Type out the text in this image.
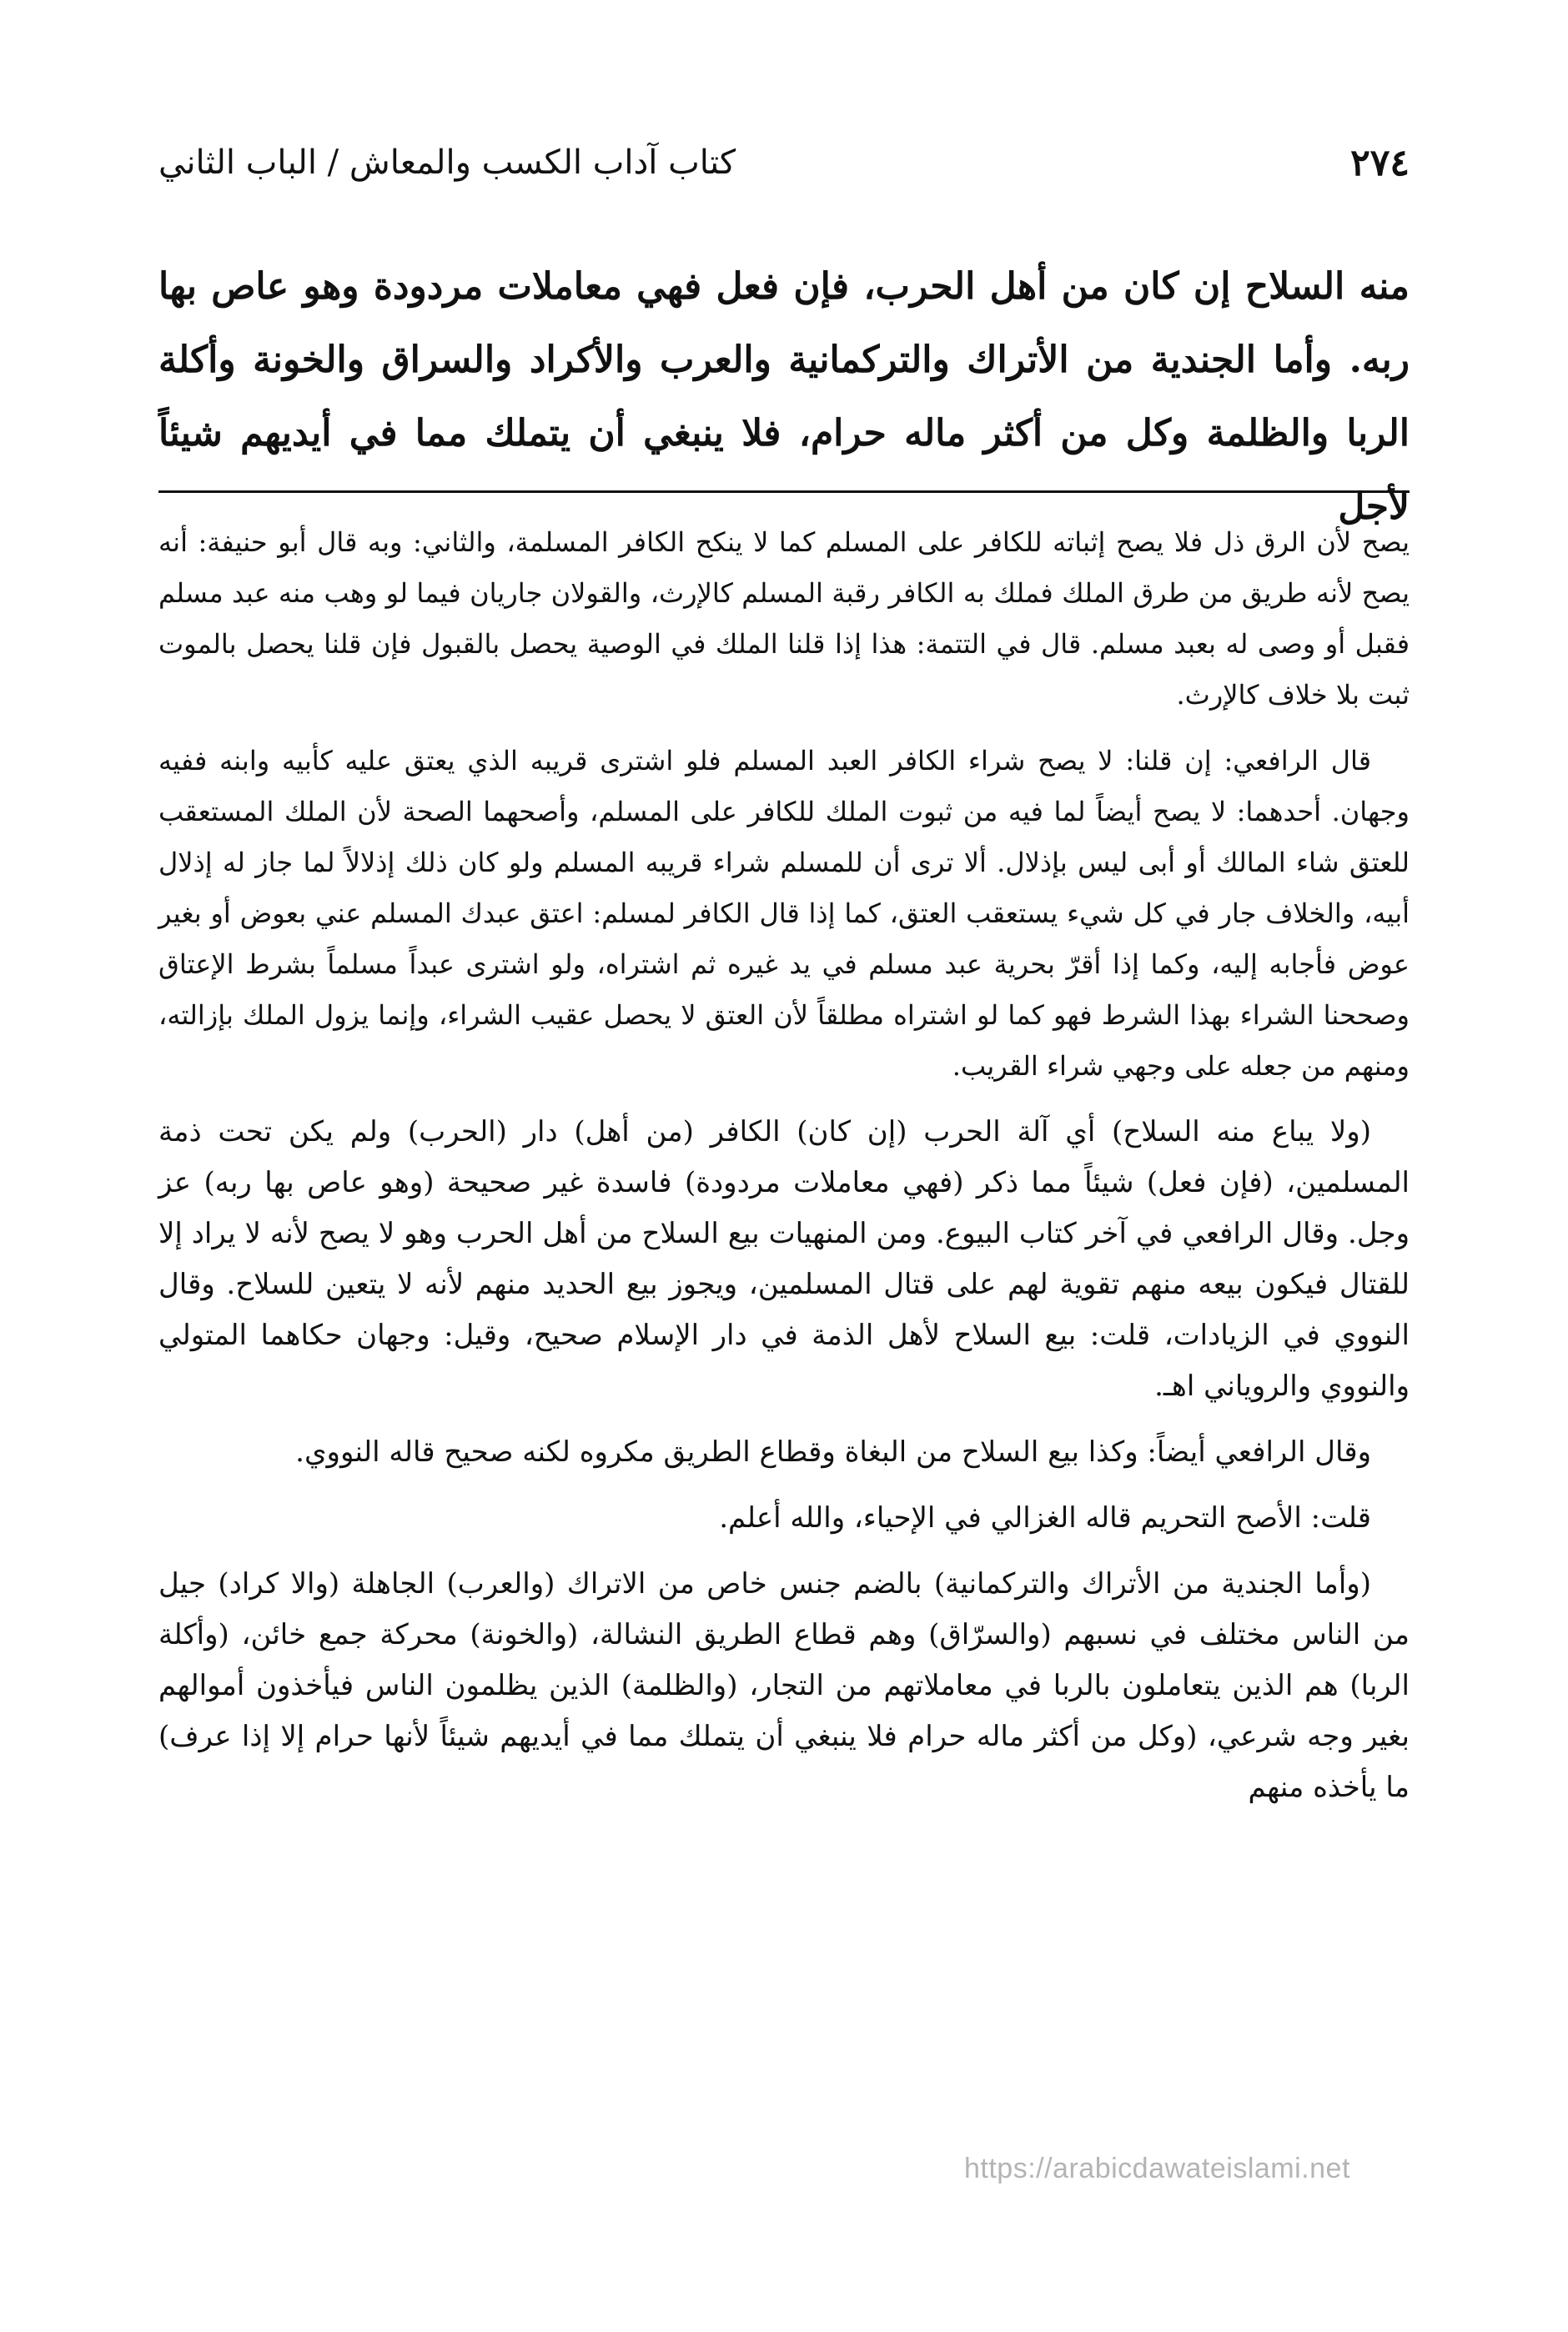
٢٧٤
كتاب آداب الكسب والمعاش / الباب الثاني

منه السلاح إن كان من أهل الحرب، فإن فعل فهي معاملات مردودة وهو عاص بها ربه. وأما الجندية من الأتراك والتركمانية والعرب والأكراد والسراق والخونة وأكلة الربا والظلمة وكل من أكثر ماله حرام، فلا ينبغي أن يتملك مما في أيديهم شيئاً لأجل

يصح لأن الرق ذل فلا يصح إثباته للكافر على المسلم كما لا ينكح الكافر المسلمة، والثاني: وبه قال أبو حنيفة: أنه يصح لأنه طريق من طرق الملك فملك به الكافر رقبة المسلم كالإرث، والقولان جاريان فيما لو وهب منه عبد مسلم فقبل أو وصى له بعبد مسلم. قال في التتمة: هذا إذا قلنا الملك في الوصية يحصل بالقبول فإن قلنا يحصل بالموت ثبت بلا خلاف كالإرث.

قال الرافعي: إن قلنا: لا يصح شراء الكافر العبد المسلم فلو اشترى قريبه الذي يعتق عليه كأبيه وابنه ففيه وجهان. أحدهما: لا يصح أيضاً لما فيه من ثبوت الملك للكافر على المسلم، وأصحهما الصحة لأن الملك المستعقب للعتق شاء المالك أو أبى ليس بإذلال. ألا ترى أن للمسلم شراء قريبه المسلم ولو كان ذلك إذلالاً لما جاز له إذلال أبيه، والخلاف جار في كل شيء يستعقب العتق، كما إذا قال الكافر لمسلم: اعتق عبدك المسلم عني بعوض أو بغير عوض فأجابه إليه، وكما إذا أقرّ بحرية عبد مسلم في يد غيره ثم اشتراه، ولو اشترى عبداً مسلماً بشرط الإعتاق وصححنا الشراء بهذا الشرط فهو كما لو اشتراه مطلقاً لأن العتق لا يحصل عقيب الشراء، وإنما يزول الملك بإزالته، ومنهم من جعله على وجهي شراء القريب.

(ولا يباع منه السلاح) أي آلة الحرب (إن كان) الكافر (من أهل) دار (الحرب) ولم يكن تحت ذمة المسلمين، (فإن فعل) شيئاً مما ذكر (فهي معاملات مردودة) فاسدة غير صحيحة (وهو عاص بها ربه) عز وجل. وقال الرافعي في آخر كتاب البيوع. ومن المنهيات بيع السلاح من أهل الحرب وهو لا يصح لأنه لا يراد إلا للقتال فيكون بيعه منهم تقوية لهم على قتال المسلمين، ويجوز بيع الحديد منهم لأنه لا يتعين للسلاح. وقال النووي في الزيادات، قلت: بيع السلاح لأهل الذمة في دار الإسلام صحيح، وقيل: وجهان حكاهما المتولي والنووي والروياني اهـ.

وقال الرافعي أيضاً: وكذا بيع السلاح من البغاة وقطاع الطريق مكروه لكنه صحيح قاله النووي.

قلت: الأصح التحريم قاله الغزالي في الإحياء، والله أعلم.

(وأما الجندية من الأتراك والتركمانية) بالضم جنس خاص من الاتراك (والعرب) الجاهلة (والا كراد) جيل من الناس مختلف في نسبهم (والسرّاق) وهم قطاع الطريق النشالة، (والخونة) محركة جمع خائن، (وأكلة الربا) هم الذين يتعاملون بالربا في معاملاتهم من التجار، (والظلمة) الذين يظلمون الناس فيأخذون أموالهم بغير وجه شرعي، (وكل من أكثر ماله حرام فلا ينبغي أن يتملك مما في أيديهم شيئاً لأنها حرام إلا إذا عرف) ما يأخذه منهم

https://arabicdawateislami.net
